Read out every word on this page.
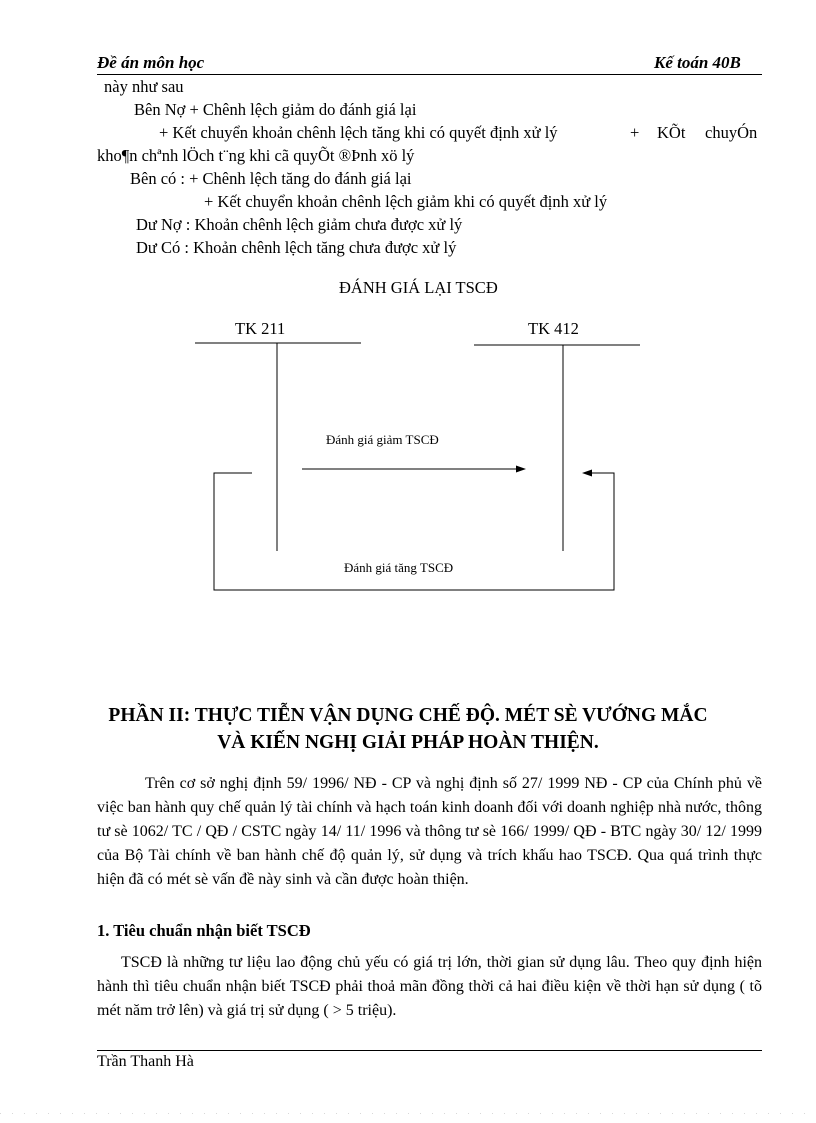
Đề án môn học	Kế toán 40B
này như sau
Bên Nợ + Chênh lệch giảm do đánh giá lại
+ Kết chuyển khoản chênh lệch tăng khi có quyết định xử lý	+ KÕt chuyÓn
kho¶n chªnh lÖch t¨ng khi cã quyÕt ®Þnh xö lý
Bên có : + Chênh lệch tăng do đánh giá lại
+ Kết chuyển khoản chênh lệch giảm khi có quyết định xử lý
Dư Nợ : Khoản chênh lệch giảm chưa được xử lý
Dư Có : Khoản chênh lệch tăng chưa được xử lý
ĐÁNH GIÁ LẠI TSCĐ
TK 211	TK 412
Đánh giá giảm TSCĐ
Đánh giá tăng TSCĐ
PHẦN II: THỰC TIỄN VẬN DỤNG CHẾ ĐỘ. MÉT SÈ VƯỚNG MẮC
VÀ KIẾN NGHỊ GIẢI PHÁP HOÀN THIỆN.
Trên cơ sở nghị định 59/ 1996/ NĐ - CP và nghị định số 27/ 1999 NĐ - CP của Chính phủ về việc ban hành quy chế quản lý tài chính và hạch toán kinh doanh đối với doanh nghiệp nhà nước, thông tư sè 1062/ TC / QĐ / CSTC ngày 14/ 11/ 1996 và thông tư sè 166/ 1999/ QĐ - BTC ngày 30/ 12/ 1999 của Bộ Tài chính về ban hành chế độ quản lý, sử dụng và trích khấu hao TSCĐ. Qua quá trình thực hiện đã có mét sè vấn đề này sinh và cần được hoàn thiện.
1. Tiêu chuẩn nhận biết TSCĐ
TSCĐ là những tư liệu lao động chủ yếu có giá trị lớn, thời gian sử dụng lâu. Theo quy định hiện hành thì tiêu chuẩn nhận biết TSCĐ phải thoả mãn đồng thời cả hai điều kiện về thời hạn sử dụng ( tõ mét năm trở lên) và giá trị sử dụng ( > 5 triệu).
Trần Thanh Hà
